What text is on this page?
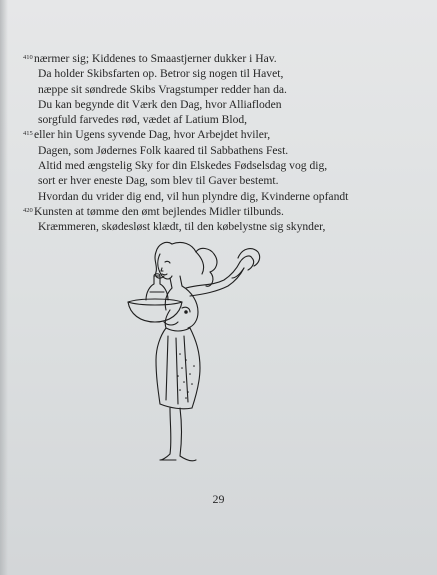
410 nærmer sig; Kiddenes to Smaastjerner dukker i Hav.
Da holder Skibsfarten op. Betror sig nogen til Havet,
næppe sit søndrede Skibs Vragstumper redder han da.
Du kan begynde dit Værk den Dag, hvor Alliafloden
sorgfuld farvedes rød, vædet af Latium Blod,
415 eller hin Ugens syvende Dag, hvor Arbejdet hviler,
Dagen, som Jødernes Folk kaared til Sabbathens Fest.
Altid med ængstelig Sky for din Elskedes Fødselsdag vog dig,
sort er hver eneste Dag, som blev til Gaver bestemt.
Hvordan du vrider dig end, vil hun plyndre dig, Kvinderne opfandt
420 Kunsten at tømme den ømt bejlendes Midler tilbunds.
Kræmmeren, skødesløst klædt, til den købelystne sig skynder,
29
